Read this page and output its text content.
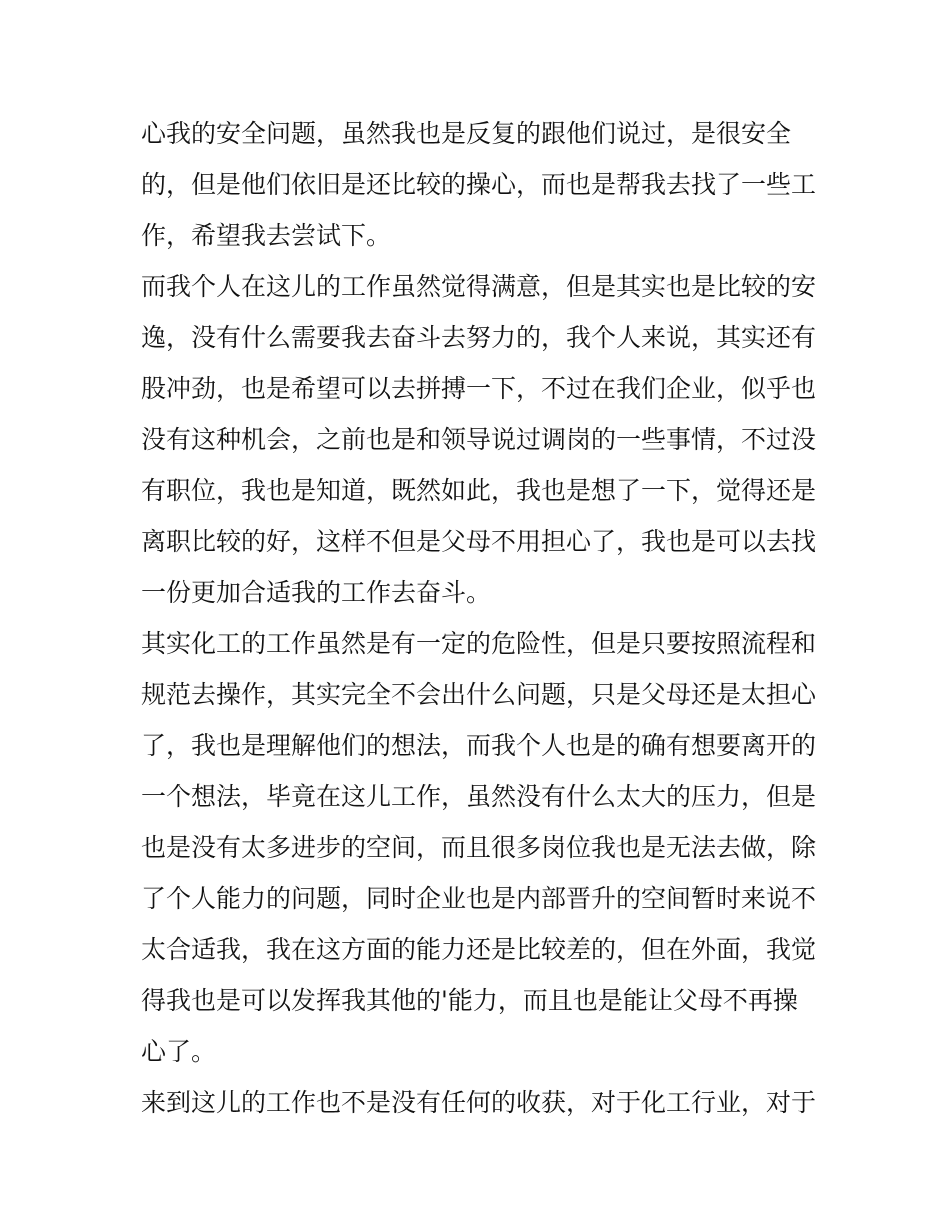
心我的安全问题，虽然我也是反复的跟他们说过，是很安全
的，但是他们依旧是还比较的操心，而也是帮我去找了一些工
作，希望我去尝试下。
而我个人在这儿的工作虽然觉得满意，但是其实也是比较的安
逸，没有什么需要我去奋斗去努力的，我个人来说，其实还有
股冲劲，也是希望可以去拼搏一下，不过在我们企业，似乎也
没有这种机会，之前也是和领导说过调岗的一些事情，不过没
有职位，我也是知道，既然如此，我也是想了一下，觉得还是
离职比较的好，这样不但是父母不用担心了，我也是可以去找
一份更加合适我的工作去奋斗。
其实化工的工作虽然是有一定的危险性，但是只要按照流程和
规范去操作，其实完全不会出什么问题，只是父母还是太担心
了，我也是理解他们的想法，而我个人也是的确有想要离开的
一个想法，毕竟在这儿工作，虽然没有什么太大的压力，但是
也是没有太多进步的空间，而且很多岗位我也是无法去做，除
了个人能力的问题，同时企业也是内部晋升的空间暂时来说不
太合适我，我在这方面的能力还是比较差的，但在外面，我觉
得我也是可以发挥我其他的'能力，而且也是能让父母不再操
心了。
来到这儿的工作也不是没有任何的收获，对于化工行业，对于
